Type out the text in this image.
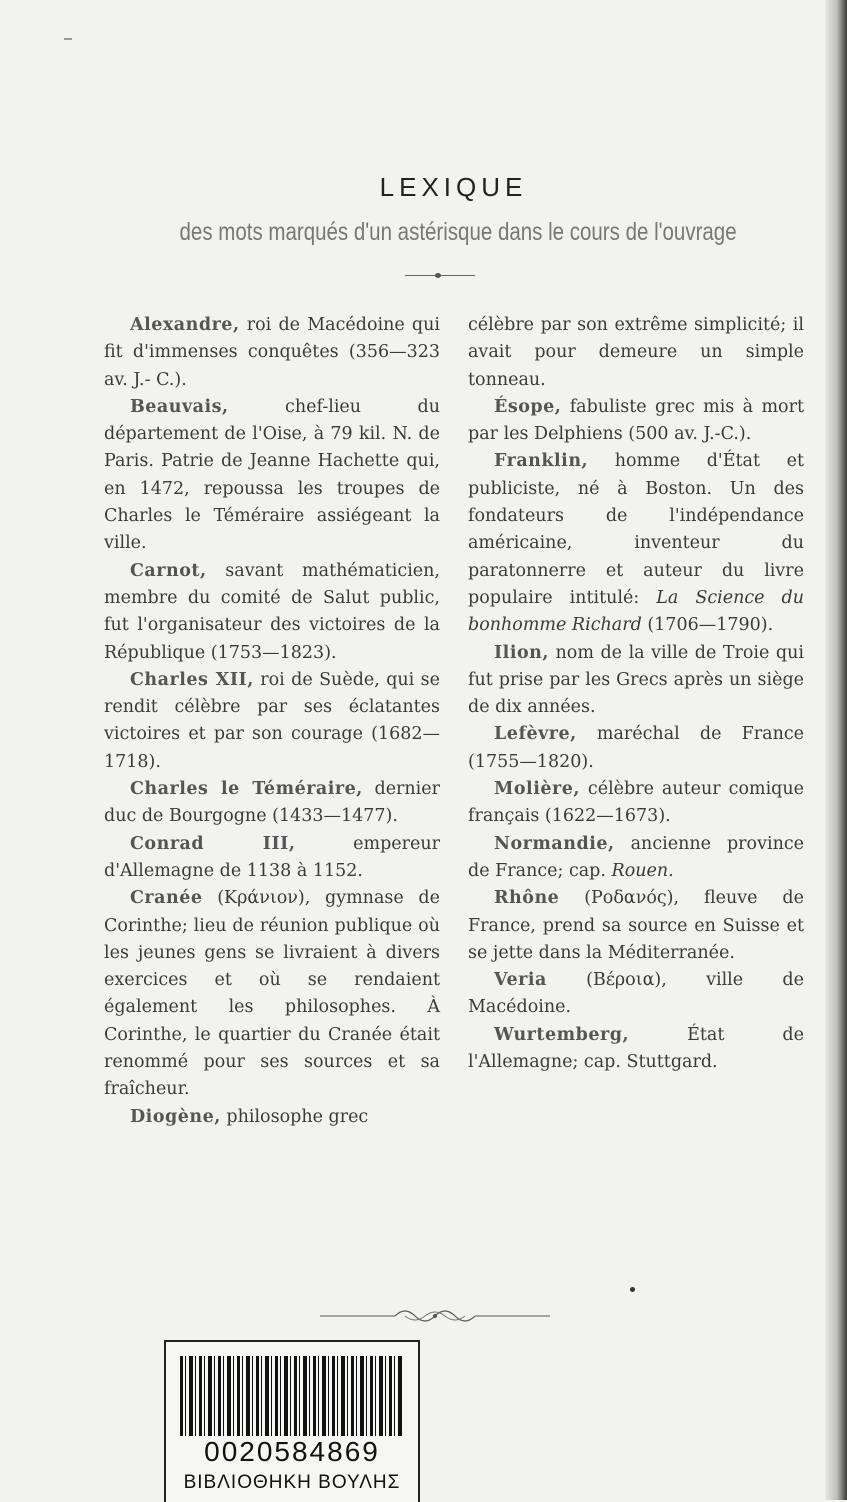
LEXIQUE
des mots marqués d'un astérisque dans le cours de l'ouvrage

Alexandre, roi de Macédoine qui fit d'immenses conquêtes (356—323 av. J.- C.).

Beauvais, chef-lieu du département de l'Oise, à 79 kil. N. de Paris. Patrie de Jeanne Hachette qui, en 1472, repoussa les troupes de Charles le Téméraire assiégeant la ville.

Carnot, savant mathématicien, membre du comité de Salut public, fut l'organisateur des victoires de la République (1753—1823).

Charles XII, roi de Suède, qui se rendit célèbre par ses éclatantes victoires et par son courage (1682—1718).

Charles le Téméraire, dernier duc de Bourgogne (1433—1477).

Conrad III, empereur d'Allemagne de 1138 à 1152.

Cranée (Κράνιον), gymnase de Corinthe; lieu de réunion publique où les jeunes gens se livraient à divers exercices et où se rendaient également les philosophes. À Corinthe, le quartier du Cranée était renommé pour ses sources et sa fraîcheur.

Diogène, philosophe grec

célèbre par son extrême simplicité; il avait pour demeure un simple tonneau.

Ésope, fabuliste grec mis à mort par les Delphiens (500 av. J.-C.).

Franklin, homme d'État et publiciste, né à Boston. Un des fondateurs de l'indépendance américaine, inventeur du paratonnerre et auteur du livre populaire intitulé: La Science du bonhomme Richard (1706—1790).

Ilion, nom de la ville de Troie qui fut prise par les Grecs après un siège de dix années.

Lefèvre, maréchal de France (1755—1820).

Molière, célèbre auteur comique français (1622—1673).

Normandie, ancienne province de France; cap. Rouen.

Rhône (Ροδανός), fleuve de France, prend sa source en Suisse et se jette dans la Méditerranée.

Veria (Βέροια), ville de Macédoine.

Wurtemberg, État de l'Allemagne; cap. Stuttgard.

0020584869
ΒΙΒΛΙΟΘΗΚΗ ΒΟΥΛΗΣ
